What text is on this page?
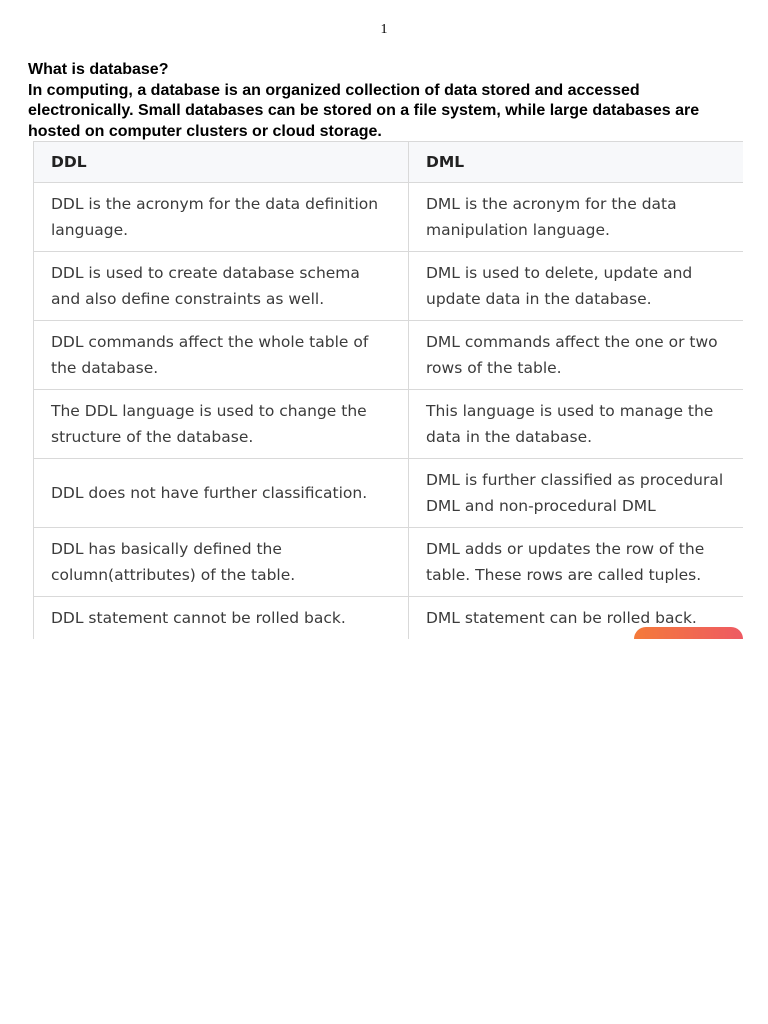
1

What is database?

In computing, a database is an organized collection of data stored and accessed electronically. Small databases can be stored on a file system, while large databases are hosted on computer clusters or cloud storage.

DDL	DML
DDL is the acronym for the data definition language.	DML is the acronym for the data manipulation language.
DDL is used to create database schema and also define constraints as well.	DML is used to delete, update and update data in the database.
DDL commands affect the whole table of the database.	DML commands affect the one or two rows of the table.
The DDL language is used to change the structure of the database.	This language is used to manage the data in the database.
DDL does not have further classification.	DML is further classified as procedural DML and non-procedural DML
DDL has basically defined the column(attributes) of the table.	DML adds or updates the row of the table. These rows are called tuples.
DDL statement cannot be rolled back.	DML statement can be rolled back.
